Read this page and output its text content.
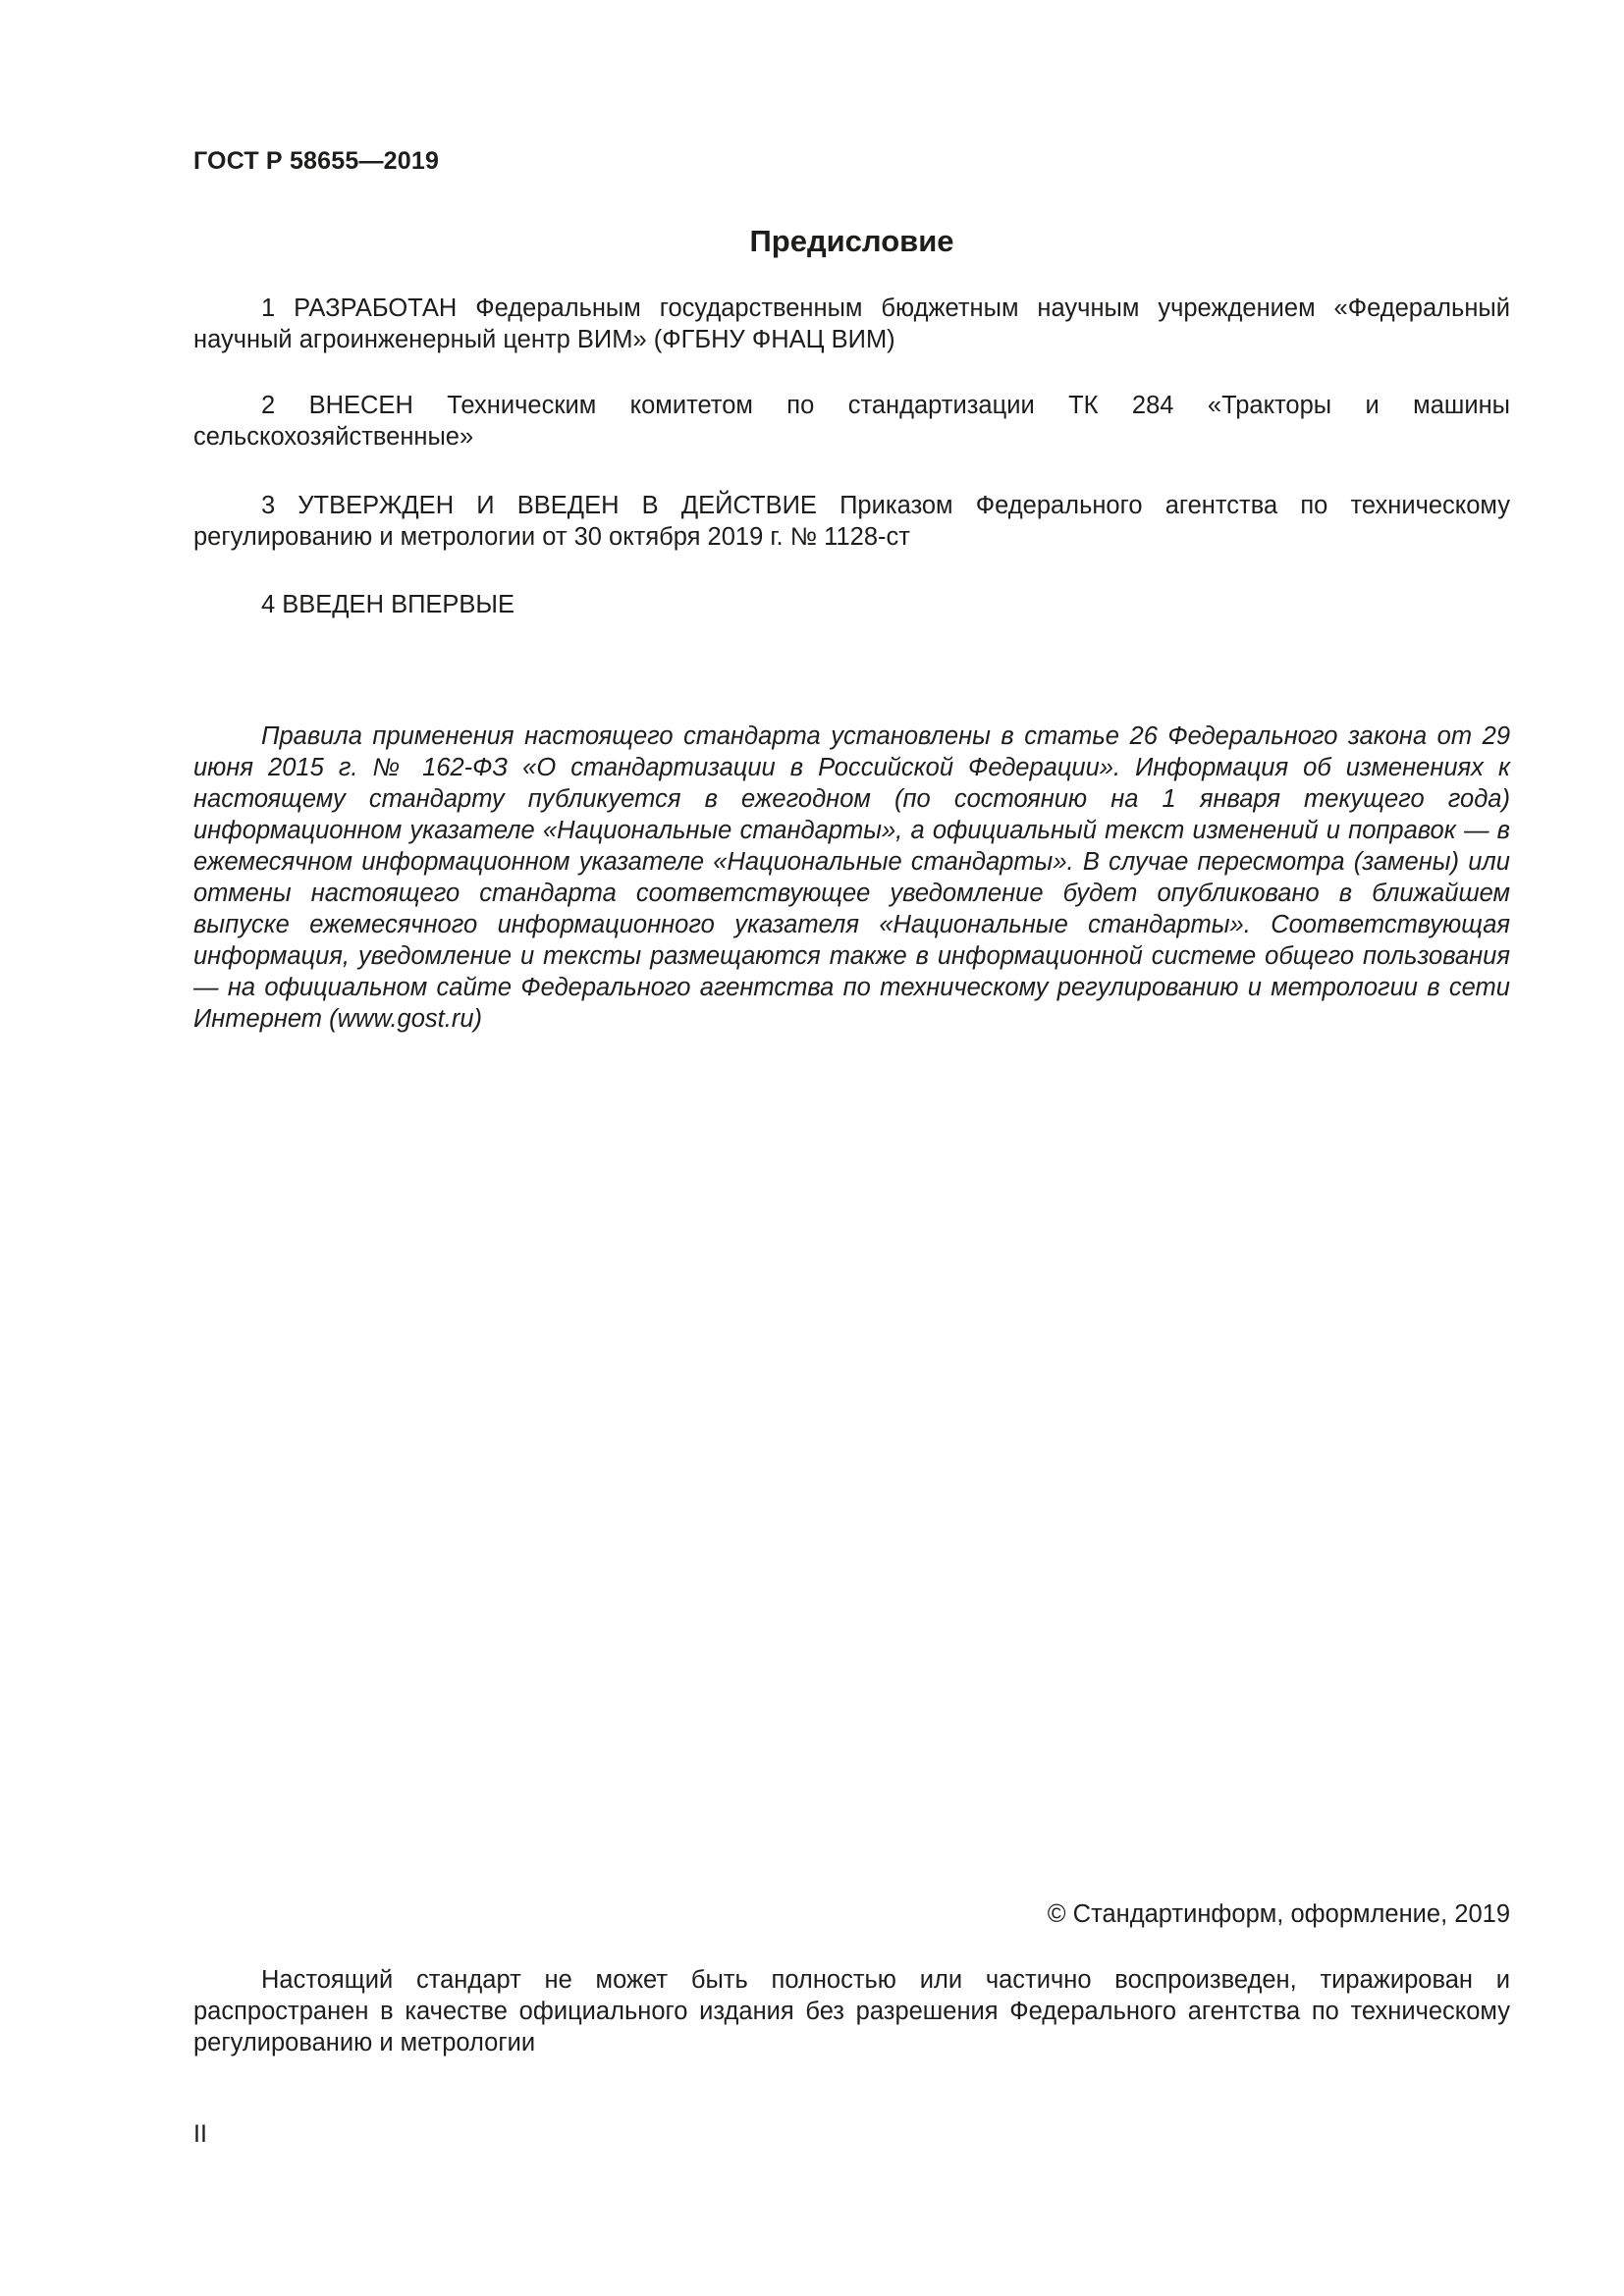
ГОСТ Р 58655—2019
Предисловие

1 РАЗРАБОТАН Федеральным государственным бюджетным научным учреждением «Федеральный научный агроинженерный центр ВИМ» (ФГБНУ ФНАЦ ВИМ)

2 ВНЕСЕН Техническим комитетом по стандартизации ТК 284 «Тракторы и машины сельскохозяйственные»

3 УТВЕРЖДЕН И ВВЕДЕН В ДЕЙСТВИЕ Приказом Федерального агентства по техническому регулированию и метрологии от 30 октября 2019 г. № 1128-ст

4 ВВЕДЕН ВПЕРВЫЕ

Правила применения настоящего стандарта установлены в статье 26 Федерального закона от 29 июня 2015 г. № 162-ФЗ «О стандартизации в Российской Федерации». Информация об изменениях к настоящему стандарту публикуется в ежегодном (по состоянию на 1 января текущего года) информационном указателе «Национальные стандарты», а официальный текст изменений и поправок — в ежемесячном информационном указателе «Национальные стандарты». В случае пересмотра (замены) или отмены настоящего стандарта соответствующее уведомление будет опубликовано в ближайшем выпуске ежемесячного информационного указателя «Национальные стандарты». Соответствующая информация, уведомление и тексты размещаются также в информационной системе общего пользования — на официальном сайте Федерального агентства по техническому регулированию и метрологии в сети Интернет (www.gost.ru)

© Стандартинформ, оформление, 2019

Настоящий стандарт не может быть полностью или частично воспроизведен, тиражирован и распространен в качестве официального издания без разрешения Федерального агентства по техническому регулированию и метрологии

II
